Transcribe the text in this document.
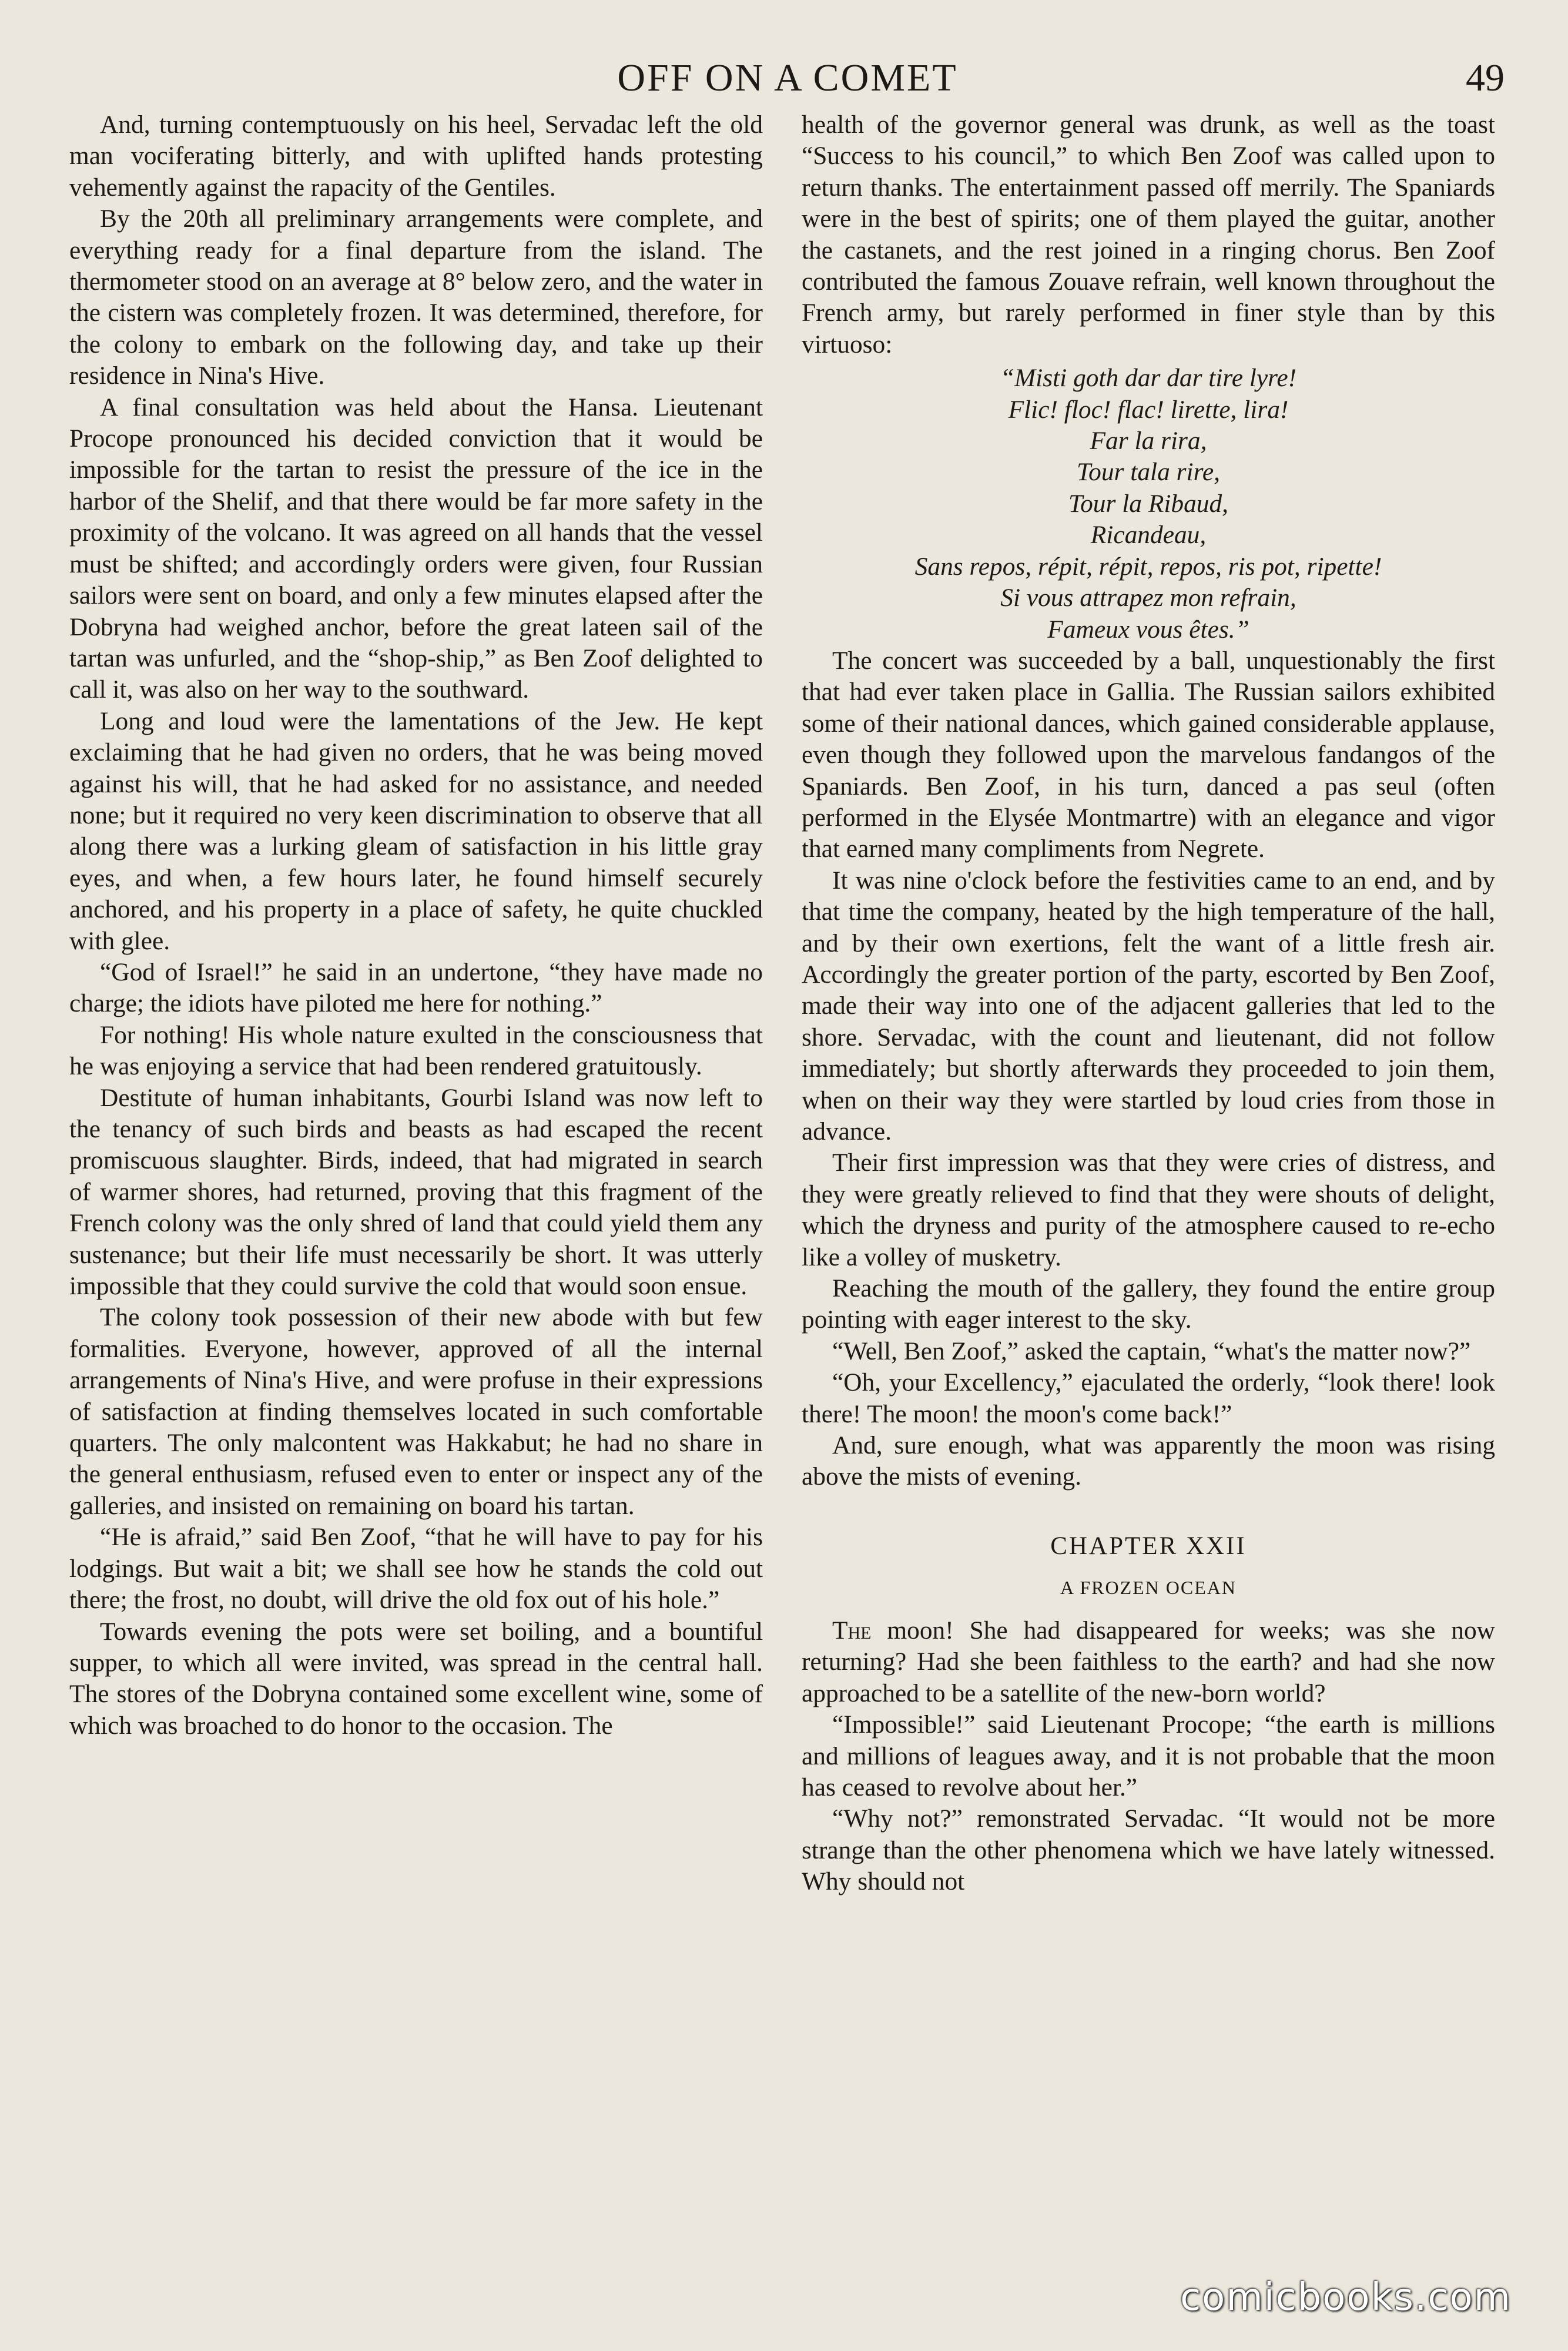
OFF ON A COMET	49

And, turning contemptuously on his heel, Servadac left the old man vociferating bitterly, and with uplifted hands protesting vehemently against the rapacity of the Gentiles.

By the 20th all preliminary arrangements were complete, and everything ready for a final departure from the island. The thermometer stood on an average at 8° below zero, and the water in the cistern was completely frozen. It was determined, therefore, for the colony to embark on the following day, and take up their residence in Nina's Hive.

A final consultation was held about the Hansa. Lieutenant Procope pronounced his decided conviction that it would be impossible for the tartan to resist the pressure of the ice in the harbor of the Shelif, and that there would be far more safety in the proximity of the volcano. It was agreed on all hands that the vessel must be shifted; and accordingly orders were given, four Russian sailors were sent on board, and only a few minutes elapsed after the Dobryna had weighed anchor, before the great lateen sail of the tartan was unfurled, and the “shop-ship,” as Ben Zoof delighted to call it, was also on her way to the southward.

Long and loud were the lamentations of the Jew. He kept exclaiming that he had given no orders, that he was being moved against his will, that he had asked for no assistance, and needed none; but it required no very keen discrimination to observe that all along there was a lurking gleam of satisfaction in his little gray eyes, and when, a few hours later, he found himself securely anchored, and his property in a place of safety, he quite chuckled with glee.

“God of Israel!” he said in an undertone, “they have made no charge; the idiots have piloted me here for nothing.”

For nothing! His whole nature exulted in the consciousness that he was enjoying a service that had been rendered gratuitously.

Destitute of human inhabitants, Gourbi Island was now left to the tenancy of such birds and beasts as had escaped the recent promiscuous slaughter. Birds, indeed, that had migrated in search of warmer shores, had returned, proving that this fragment of the French colony was the only shred of land that could yield them any sustenance; but their life must necessarily be short. It was utterly impossible that they could survive the cold that would soon ensue.

The colony took possession of their new abode with but few formalities. Everyone, however, approved of all the internal arrangements of Nina's Hive, and were profuse in their expressions of satisfaction at finding themselves located in such comfortable quarters. The only malcontent was Hakkabut; he had no share in the general enthusiasm, refused even to enter or inspect any of the galleries, and insisted on remaining on board his tartan.

“He is afraid,” said Ben Zoof, “that he will have to pay for his lodgings. But wait a bit; we shall see how he stands the cold out there; the frost, no doubt, will drive the old fox out of his hole.”

Towards evening the pots were set boiling, and a bountiful supper, to which all were invited, was spread in the central hall. The stores of the Dobryna contained some excellent wine, some of which was broached to do honor to the occasion. The

health of the governor general was drunk, as well as the toast “Success to his council,” to which Ben Zoof was called upon to return thanks. The entertainment passed off merrily. The Spaniards were in the best of spirits; one of them played the guitar, another the castanets, and the rest joined in a ringing chorus. Ben Zoof contributed the famous Zouave refrain, well known throughout the French army, but rarely performed in finer style than by this virtuoso:

“Misti goth dar dar tire lyre!
Flic! floc! flac! lirette, lira!
Far la rira,
Tour tala rire,
Tour la Ribaud,
Ricandeau,
Sans repos, répit, répit, repos, ris pot, ripette!
Si vous attrapez mon refrain,
Fameux vous êtes.”

The concert was succeeded by a ball, unquestionably the first that had ever taken place in Gallia. The Russian sailors exhibited some of their national dances, which gained considerable applause, even though they followed upon the marvelous fandangos of the Spaniards. Ben Zoof, in his turn, danced a pas seul (often performed in the Elysée Montmartre) with an elegance and vigor that earned many compliments from Negrete.

It was nine o'clock before the festivities came to an end, and by that time the company, heated by the high temperature of the hall, and by their own exertions, felt the want of a little fresh air. Accordingly the greater portion of the party, escorted by Ben Zoof, made their way into one of the adjacent galleries that led to the shore. Servadac, with the count and lieutenant, did not follow immediately; but shortly afterwards they proceeded to join them, when on their way they were startled by loud cries from those in advance.

Their first impression was that they were cries of distress, and they were greatly relieved to find that they were shouts of delight, which the dryness and purity of the atmosphere caused to re-echo like a volley of musketry.

Reaching the mouth of the gallery, they found the entire group pointing with eager interest to the sky.

“Well, Ben Zoof,” asked the captain, “what's the matter now?”

“Oh, your Excellency,” ejaculated the orderly, “look there! look there! The moon! the moon's come back!”

And, sure enough, what was apparently the moon was rising above the mists of evening.

CHAPTER XXII
A FROZEN OCEAN

The moon! She had disappeared for weeks; was she now returning? Had she been faithless to the earth? and had she now approached to be a satellite of the new-born world?

“Impossible!” said Lieutenant Procope; “the earth is millions and millions of leagues away, and it is not probable that the moon has ceased to revolve about her.”

“Why not?” remonstrated Servadac. “It would not be more strange than the other phenomena which we have lately witnessed. Why should not

comicbooks.com
